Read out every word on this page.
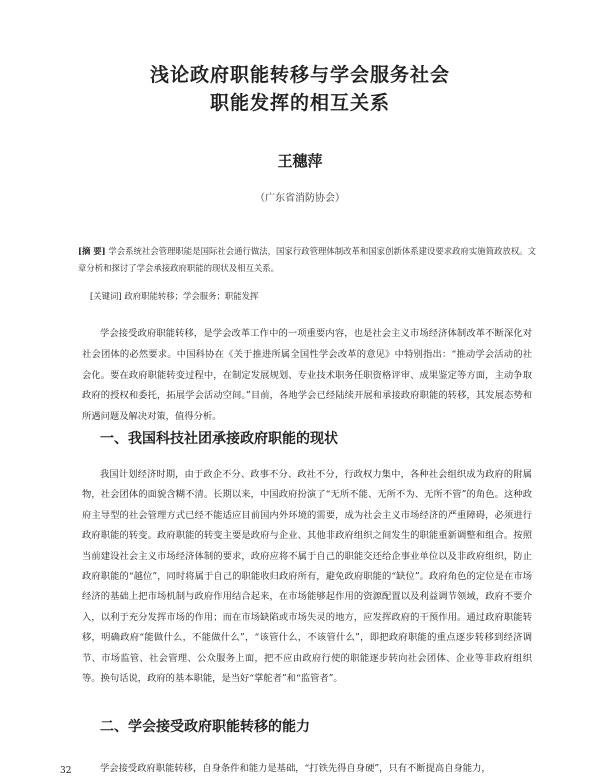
浅论政府职能转移与学会服务社会
职能发挥的相互关系
王穗萍
（广东省消防协会）
[摘 要] 学会系统社会管理职能是国际社会通行做法，国家行政管理体制改革和国家创新体系建设要求政府实施简政放权。文章分析和探讨了学会承接政府职能的现状及相互关系。
[关键词] 政府职能转移；学会服务；职能发挥

学会接受政府职能转移，是学会改革工作中的一项重要内容，也是社会主义市场经济体制改革不断深化对社会团体的必然要求。中国科协在《关于推进所属全国性学会改革的意见》中特别指出：“推动学会活动的社会化。要在政府职能转变过程中，在制定发展规划、专业技术职务任职资格评审、成果鉴定等方面，主动争取政府的授权和委托，拓展学会活动空间。”目前，各地学会已经陆续开展和承接政府职能的转移，其发展态势和所遇问题及解决对策，值得分析。

一、我国科技社团承接政府职能的现状

我国计划经济时期，由于政企不分、政事不分、政社不分，行政权力集中，各种社会组织成为政府的附属物，社会团体的面貌含糊不清。长期以来，中国政府扮演了“无所不能、无所不为、无所不管”的角色。这种政府主导型的社会管理方式已经不能适应目前国内外环境的需要，成为社会主义市场经济的严重障碍，必须进行政府职能的转变。政府职能的转变主要是政府与企业、其他非政府组织之间发生的职能重新调整和组合。按照当前建设社会主义市场经济体制的要求，政府应将不属于自己的职能交还给企事业单位以及非政府组织，防止政府职能的“越位”，同时将属于自己的职能收归政府所有，避免政府职能的“缺位”。政府角色的定位是在市场经济的基础上把市场机制与政府作用结合起来，在市场能够起作用的资源配置以及利益调节领域，政府不要介入，以利于充分发挥市场的作用；而在市场缺陷或市场失灵的地方，应发挥政府的干预作用。通过政府职能转移，明确政府“能做什么，不能做什么”，“该管什么，不该管什么”，即把政府职能的重点逐步转移到经济调节、市场监管、社会管理、公众服务上面，把不应由政府行使的职能逐步转向社会团体、企业等非政府组织等。换句话说，政府的基本职能，是当好“掌舵者”和“监管者”。

二、学会接受政府职能转移的能力

学会接受政府职能转移，自身条件和能力是基础，“打铁先得自身硬”，只有不断提高自身能力，

32
